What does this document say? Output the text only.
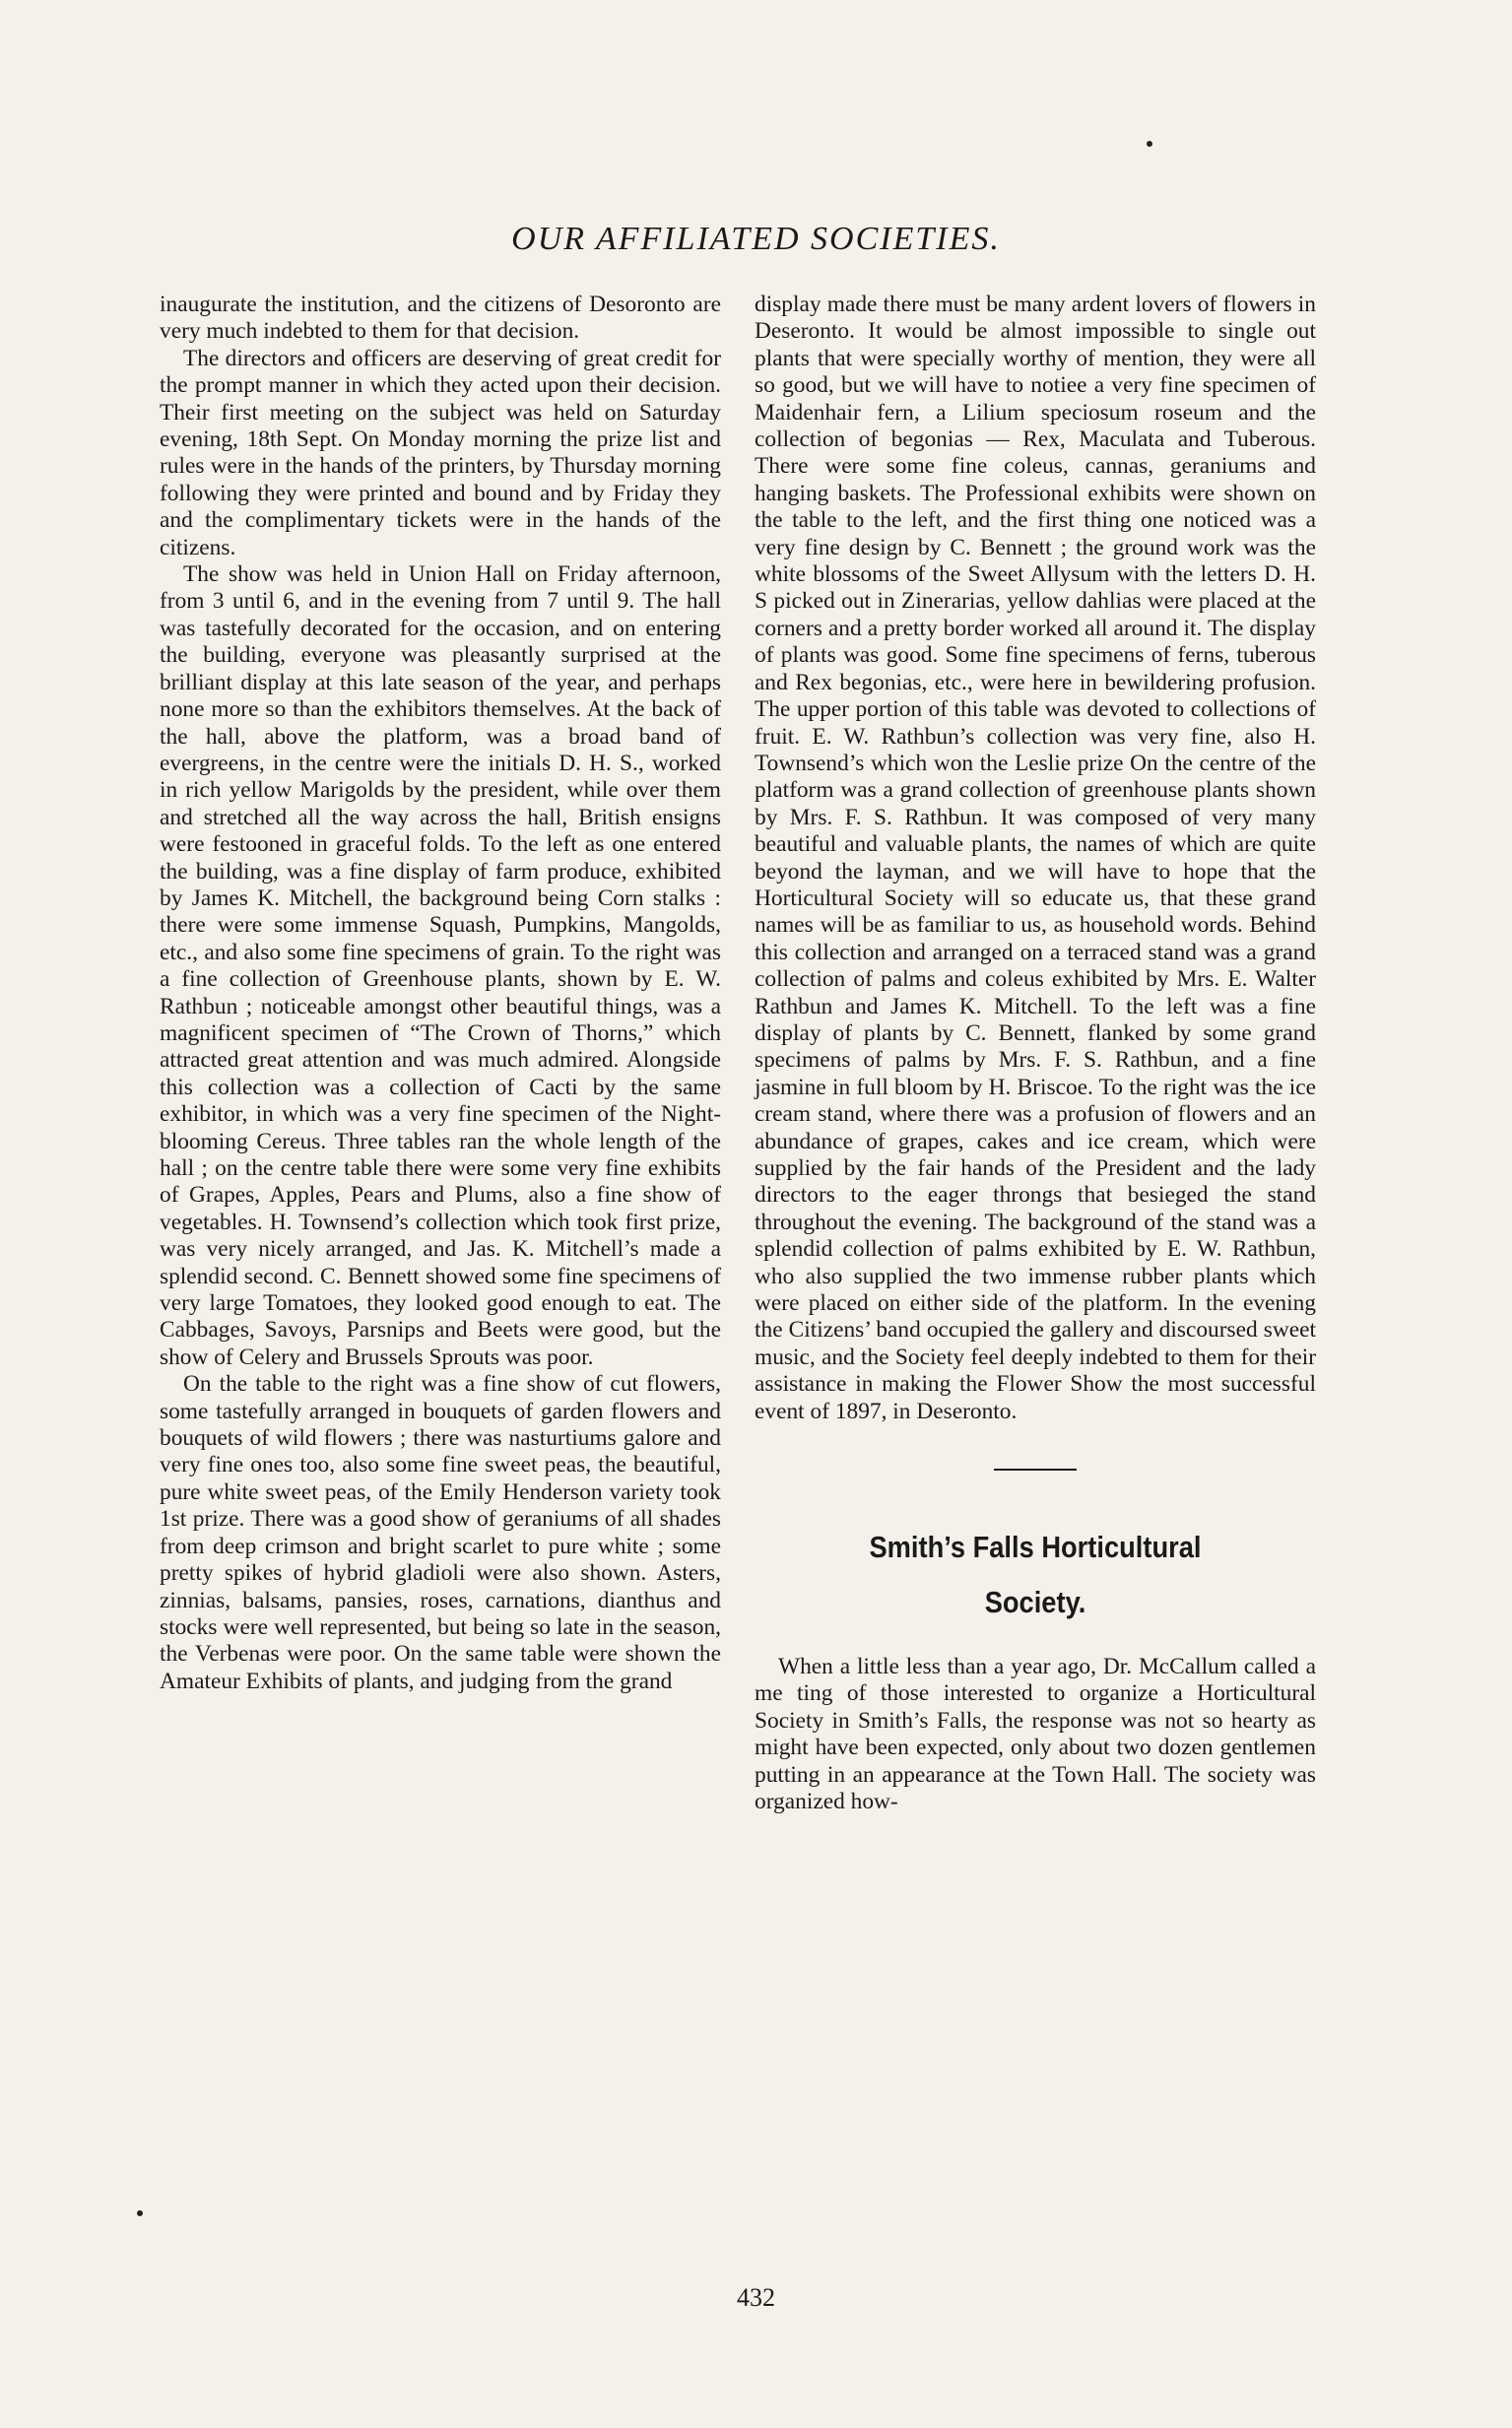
OUR AFFILIATED SOCIETIES.

inaugurate the institution, and the citizens of Desoronto are very much indebted to them for that decision.

The directors and officers are deserving of great credit for the prompt manner in which they acted upon their decision. Their first meeting on the subject was held on Saturday evening, 18th Sept. On Monday morning the prize list and rules were in the hands of the printers, by Thursday morning following they were printed and bound and by Friday they and the complimentary tickets were in the hands of the citizens.

The show was held in Union Hall on Friday afternoon, from 3 until 6, and in the evening from 7 until 9. The hall was tastefully decorated for the occasion, and on entering the building, everyone was pleasantly surprised at the brilliant display at this late season of the year, and perhaps none more so than the exhibitors themselves. At the back of the hall, above the platform, was a broad band of evergreens, in the centre were the initials D. H. S., worked in rich yellow Marigolds by the president, while over them and stretched all the way across the hall, British ensigns were festooned in graceful folds. To the left as one entered the building, was a fine display of farm produce, exhibited by James K. Mitchell, the background being Corn stalks : there were some immense Squash, Pumpkins, Mangolds, etc., and also some fine specimens of grain. To the right was a fine collection of Greenhouse plants, shown by E. W. Rathbun ; noticeable amongst other beautiful things, was a magnificent specimen of “The Crown of Thorns,” which attracted great attention and was much admired. Alongside this collection was a collection of Cacti by the same exhibitor, in which was a very fine specimen of the Night-blooming Cereus. Three tables ran the whole length of the hall ; on the centre table there were some very fine exhibits of Grapes, Apples, Pears and Plums, also a fine show of vegetables. H. Townsend’s collection which took first prize, was very nicely arranged, and Jas. K. Mitchell’s made a splendid second. C. Bennett showed some fine specimens of very large Tomatoes, they looked good enough to eat. The Cabbages, Savoys, Parsnips and Beets were good, but the show of Celery and Brussels Sprouts was poor.

On the table to the right was a fine show of cut flowers, some tastefully arranged in bouquets of garden flowers and bouquets of wild flowers ; there was nasturtiums galore and very fine ones too, also some fine sweet peas, the beautiful, pure white sweet peas, of the Emily Henderson variety took 1st prize. There was a good show of geraniums of all shades from deep crimson and bright scarlet to pure white ; some pretty spikes of hybrid gladioli were also shown. Asters, zinnias, balsams, pansies, roses, carnations, dianthus and stocks were well represented, but being so late in the season, the Verbenas were poor. On the same table were shown the Amateur Exhibits of plants, and judging from the grand

display made there must be many ardent lovers of flowers in Deseronto. It would be almost impossible to single out plants that were specially worthy of mention, they were all so good, but we will have to notiee a very fine specimen of Maidenhair fern, a Lilium speciosum roseum and the collection of begonias — Rex, Maculata and Tuberous. There were some fine coleus, cannas, geraniums and hanging baskets. The Professional exhibits were shown on the table to the left, and the first thing one noticed was a very fine design by C. Bennett ; the ground work was the white blossoms of the Sweet Allysum with the letters D. H. S picked out in Zinerarias, yellow dahlias were placed at the corners and a pretty border worked all around it. The display of plants was good. Some fine specimens of ferns, tuberous and Rex begonias, etc., were here in bewildering profusion. The upper portion of this table was devoted to collections of fruit. E. W. Rathbun’s collection was very fine, also H. Townsend’s which won the Leslie prize On the centre of the platform was a grand collection of greenhouse plants shown by Mrs. F. S. Rathbun. It was composed of very many beautiful and valuable plants, the names of which are quite beyond the layman, and we will have to hope that the Horticultural Society will so educate us, that these grand names will be as familiar to us, as household words. Behind this collection and arranged on a terraced stand was a grand collection of palms and coleus exhibited by Mrs. E. Walter Rathbun and James K. Mitchell. To the left was a fine display of plants by C. Bennett, flanked by some grand specimens of palms by Mrs. F. S. Rathbun, and a fine jasmine in full bloom by H. Briscoe. To the right was the ice cream stand, where there was a profusion of flowers and an abundance of grapes, cakes and ice cream, which were supplied by the fair hands of the President and the lady directors to the eager throngs that besieged the stand throughout the evening. The background of the stand was a splendid collection of palms exhibited by E. W. Rathbun, who also supplied the two immense rubber plants which were placed on either side of the platform. In the evening the Citizens’ band occupied the gallery and discoursed sweet music, and the Society feel deeply indebted to them for their assistance in making the Flower Show the most successful event of 1897, in Deseronto.

Smith’s Falls Horticultural
Society.

When a little less than a year ago, Dr. McCallum called a me ting of those interested to organize a Horticultural Society in Smith’s Falls, the response was not so hearty as might have been expected, only about two dozen gentlemen putting in an appearance at the Town Hall. The society was organized how-

432
